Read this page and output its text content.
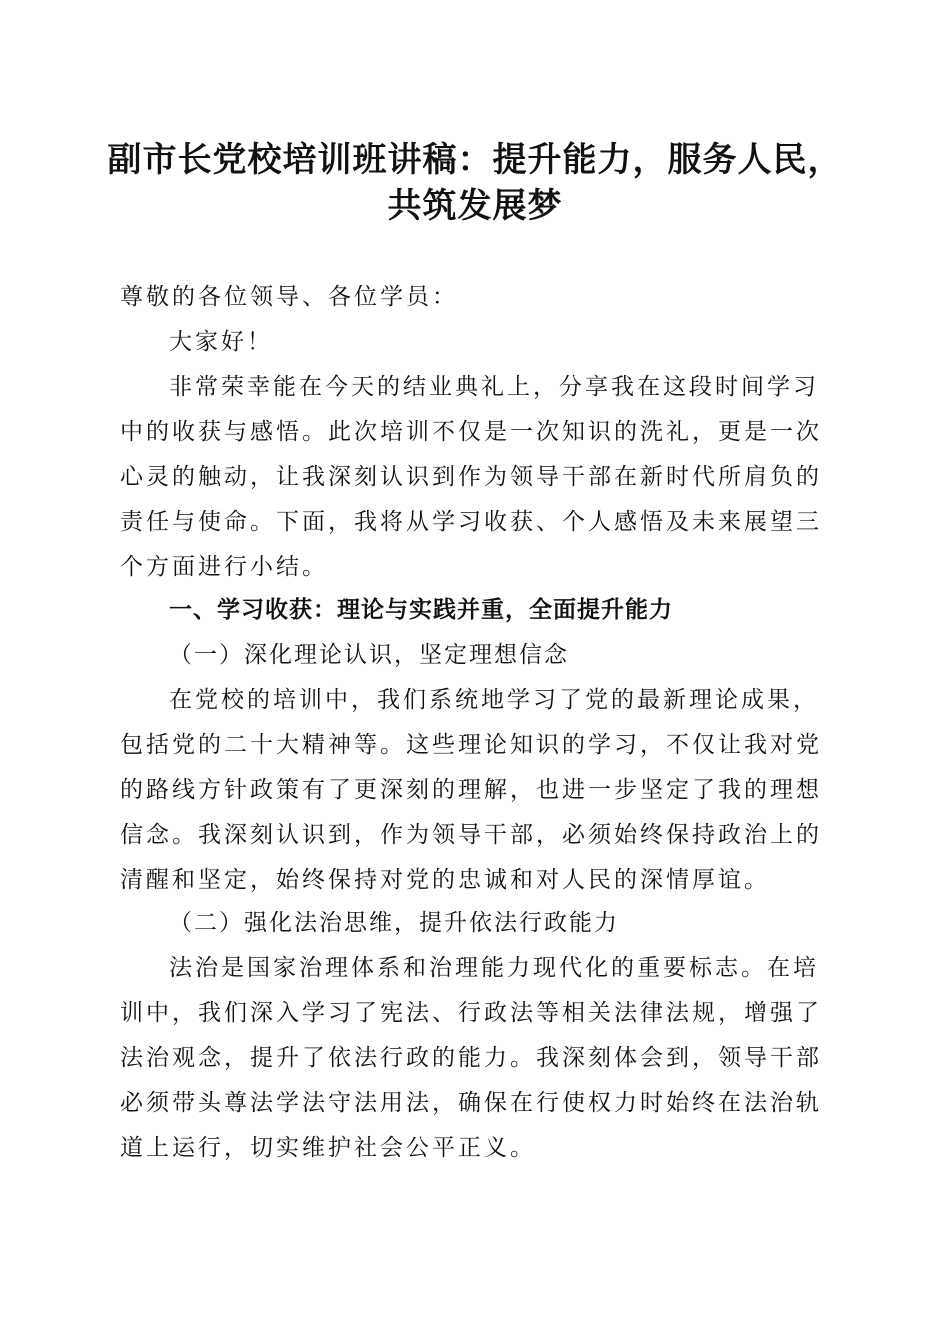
副市长党校培训班讲稿：提升能力，服务人民，
共筑发展梦
尊敬的各位领导、各位学员：
大家好！
非常荣幸能在今天的结业典礼上，分享我在这段时间学习中的收获与感悟。此次培训不仅是一次知识的洗礼，更是一次心灵的触动，让我深刻认识到作为领导干部在新时代所肩负的责任与使命。下面，我将从学习收获、个人感悟及未来展望三个方面进行小结。
一、学习收获：理论与实践并重，全面提升能力
（一）深化理论认识，坚定理想信念
在党校的培训中，我们系统地学习了党的最新理论成果，包括党的二十大精神等。这些理论知识的学习，不仅让我对党的路线方针政策有了更深刻的理解，也进一步坚定了我的理想信念。我深刻认识到，作为领导干部，必须始终保持政治上的清醒和坚定，始终保持对党的忠诚和对人民的深情厚谊。
（二）强化法治思维，提升依法行政能力
法治是国家治理体系和治理能力现代化的重要标志。在培训中，我们深入学习了宪法、行政法等相关法律法规，增强了法治观念，提升了依法行政的能力。我深刻体会到，领导干部必须带头尊法学法守法用法，确保在行使权力时始终在法治轨道上运行，切实维护社会公平正义。
